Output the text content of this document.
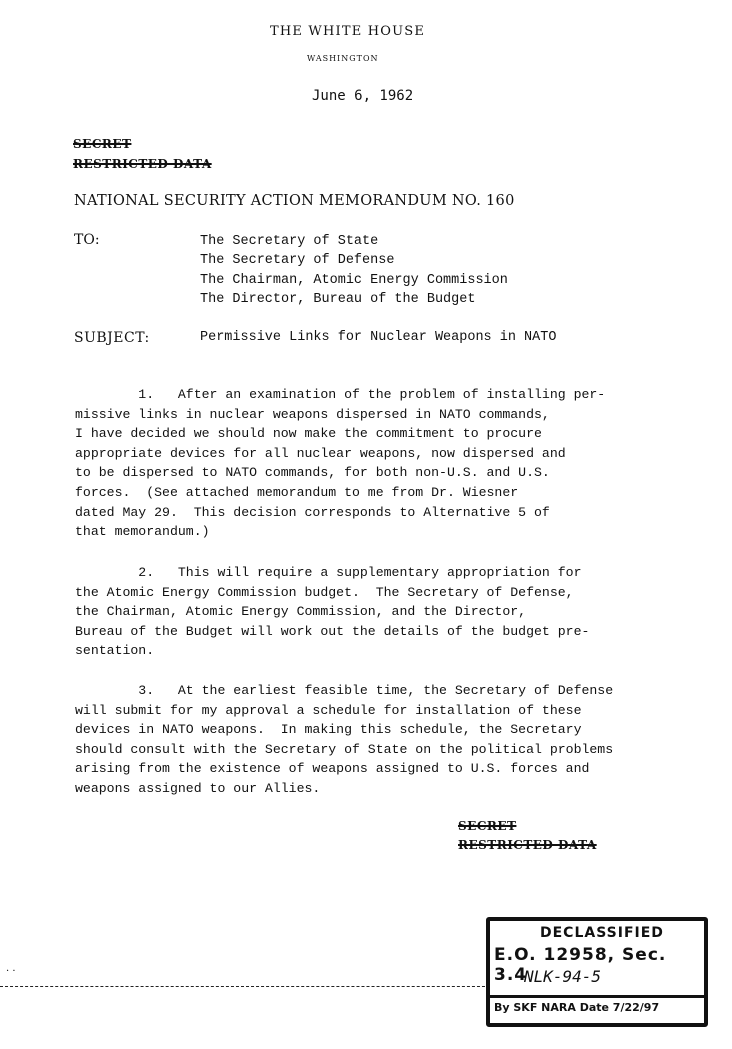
THE WHITE HOUSE
WASHINGTON
June 6, 1962
SECRET
RESTRICTED DATA
NATIONAL SECURITY ACTION MEMORANDUM NO. 160
TO:	The Secretary of State
The Secretary of Defense
The Chairman, Atomic Energy Commission
The Director, Bureau of the Budget
SUBJECT:	Permissive Links for Nuclear Weapons in NATO
1.   After an examination of the problem of installing per-
missive links in nuclear weapons dispersed in NATO commands,
I have decided we should now make the commitment to procure
appropriate devices for all nuclear weapons, now dispersed and
to be dispersed to NATO commands, for both non-U.S. and U.S.
forces.  (See attached memorandum to me from Dr. Wiesner
dated May 29.  This decision corresponds to Alternative 5 of
that memorandum.)
2.   This will require a supplementary appropriation for
the Atomic Energy Commission budget.  The Secretary of Defense,
the Chairman, Atomic Energy Commission, and the Director,
Bureau of the Budget will work out the details of the budget pre-
sentation.
3.   At the earliest feasible time, the Secretary of Defense
will submit for my approval a schedule for installation of these
devices in NATO weapons.  In making this schedule, the Secretary
should consult with the Secretary of State on the political problems
arising from the existence of weapons assigned to U.S. forces and
weapons assigned to our Allies.
SECRET
RESTRICTED DATA
· ·
DECLASSIFIED
E.O. 12958, Sec. 3.4
NLK-94-5
By SKF NARA Date 7/22/97
